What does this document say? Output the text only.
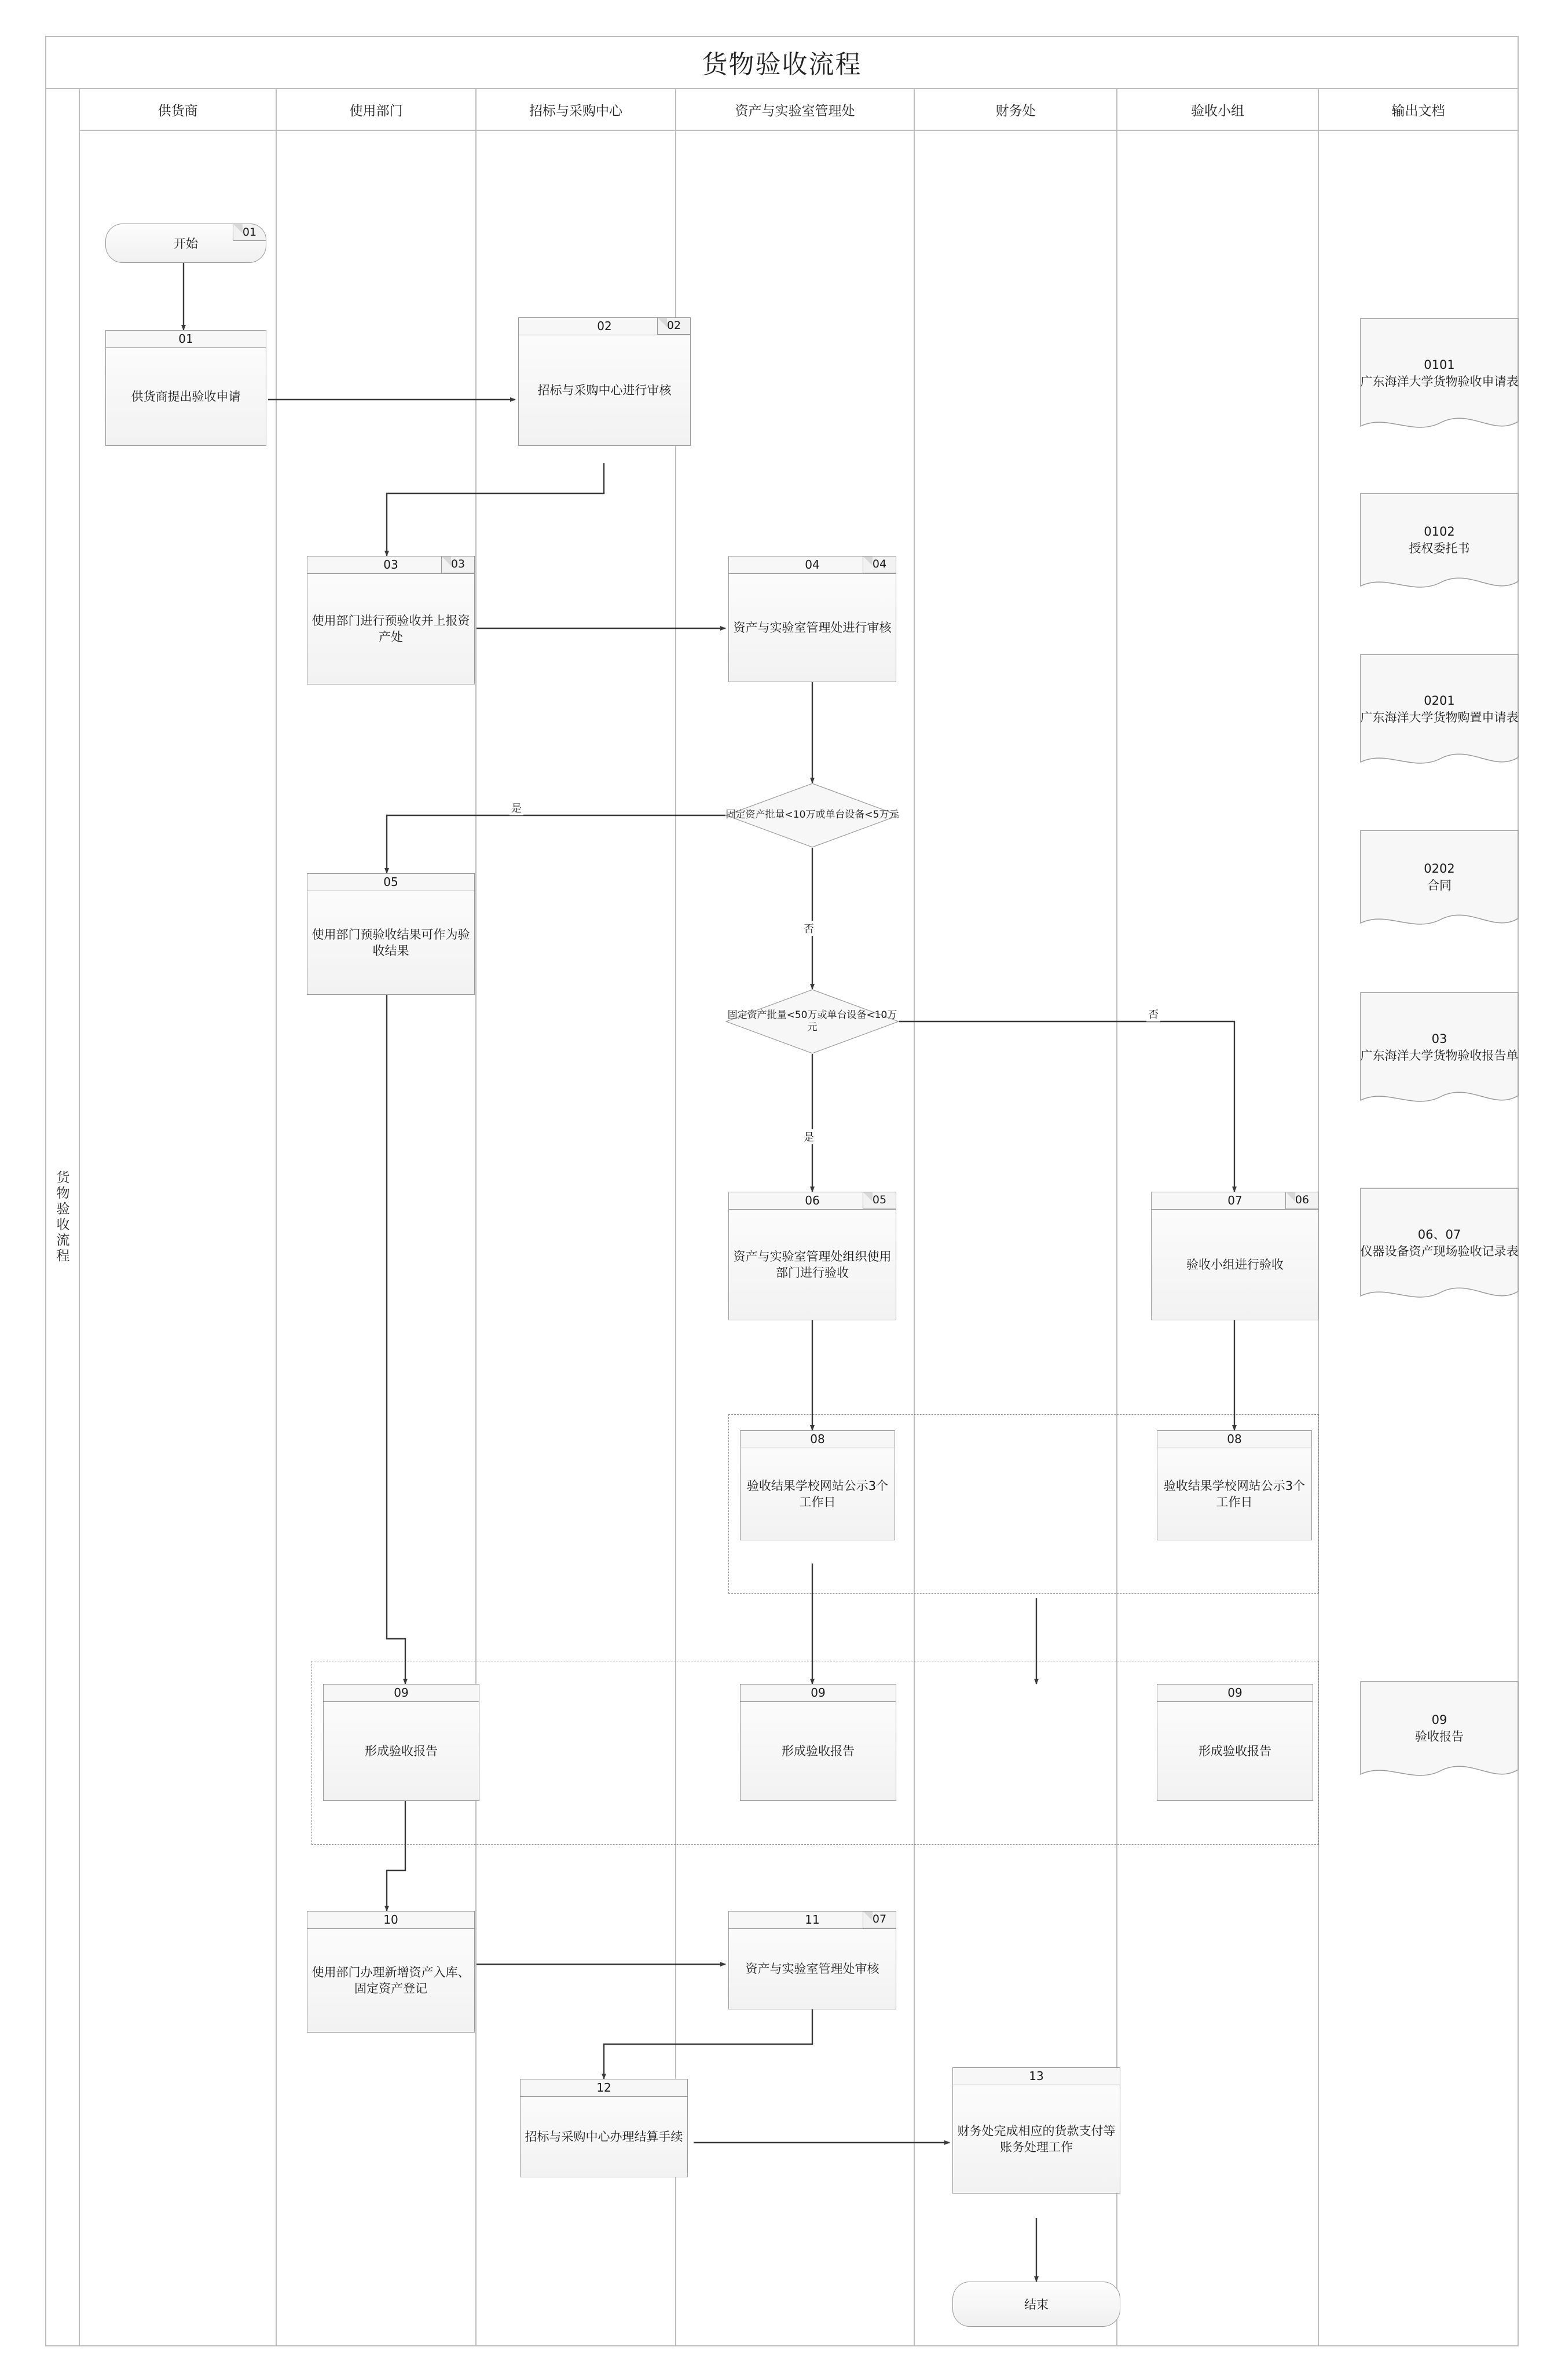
货物验收流程
货物验收流程
供货商	使用部门	招标与采购中心	资产与实验室管理处	财务处	验收小组	输出文档
01
开始
01
供货商提出验收申请
02
02
招标与采购中心进行审核
03
03
使用部门进行预验收并上报资产处
04
04
资产与实验室管理处进行审核
固定资产批量<10万或单台设备<5万元
05
使用部门预验收结果可作为验收结果
固定资产批量<50万或单台设备<10万元
05
06
资产与实验室管理处组织使用部门进行验收
06
07
验收小组进行验收
08
验收结果学校网站公示3个工作日
08
验收结果学校网站公示3个工作日
09
形成验收报告
09
形成验收报告
09
形成验收报告
10
使用部门办理新增资产入库、固定资产登记
07
11
资产与实验室管理处审核
12
招标与采购中心办理结算手续
13
财务处完成相应的货款支付等账务处理工作
结束
0101
广东海洋大学货物验收申请表
0102
授权委托书
0201
广东海洋大学货物购置申请表
0202
合同
03
广东海洋大学货物验收报告单
06、07
仪器设备资产现场验收记录表
09
验收报告
是
否
是
否
